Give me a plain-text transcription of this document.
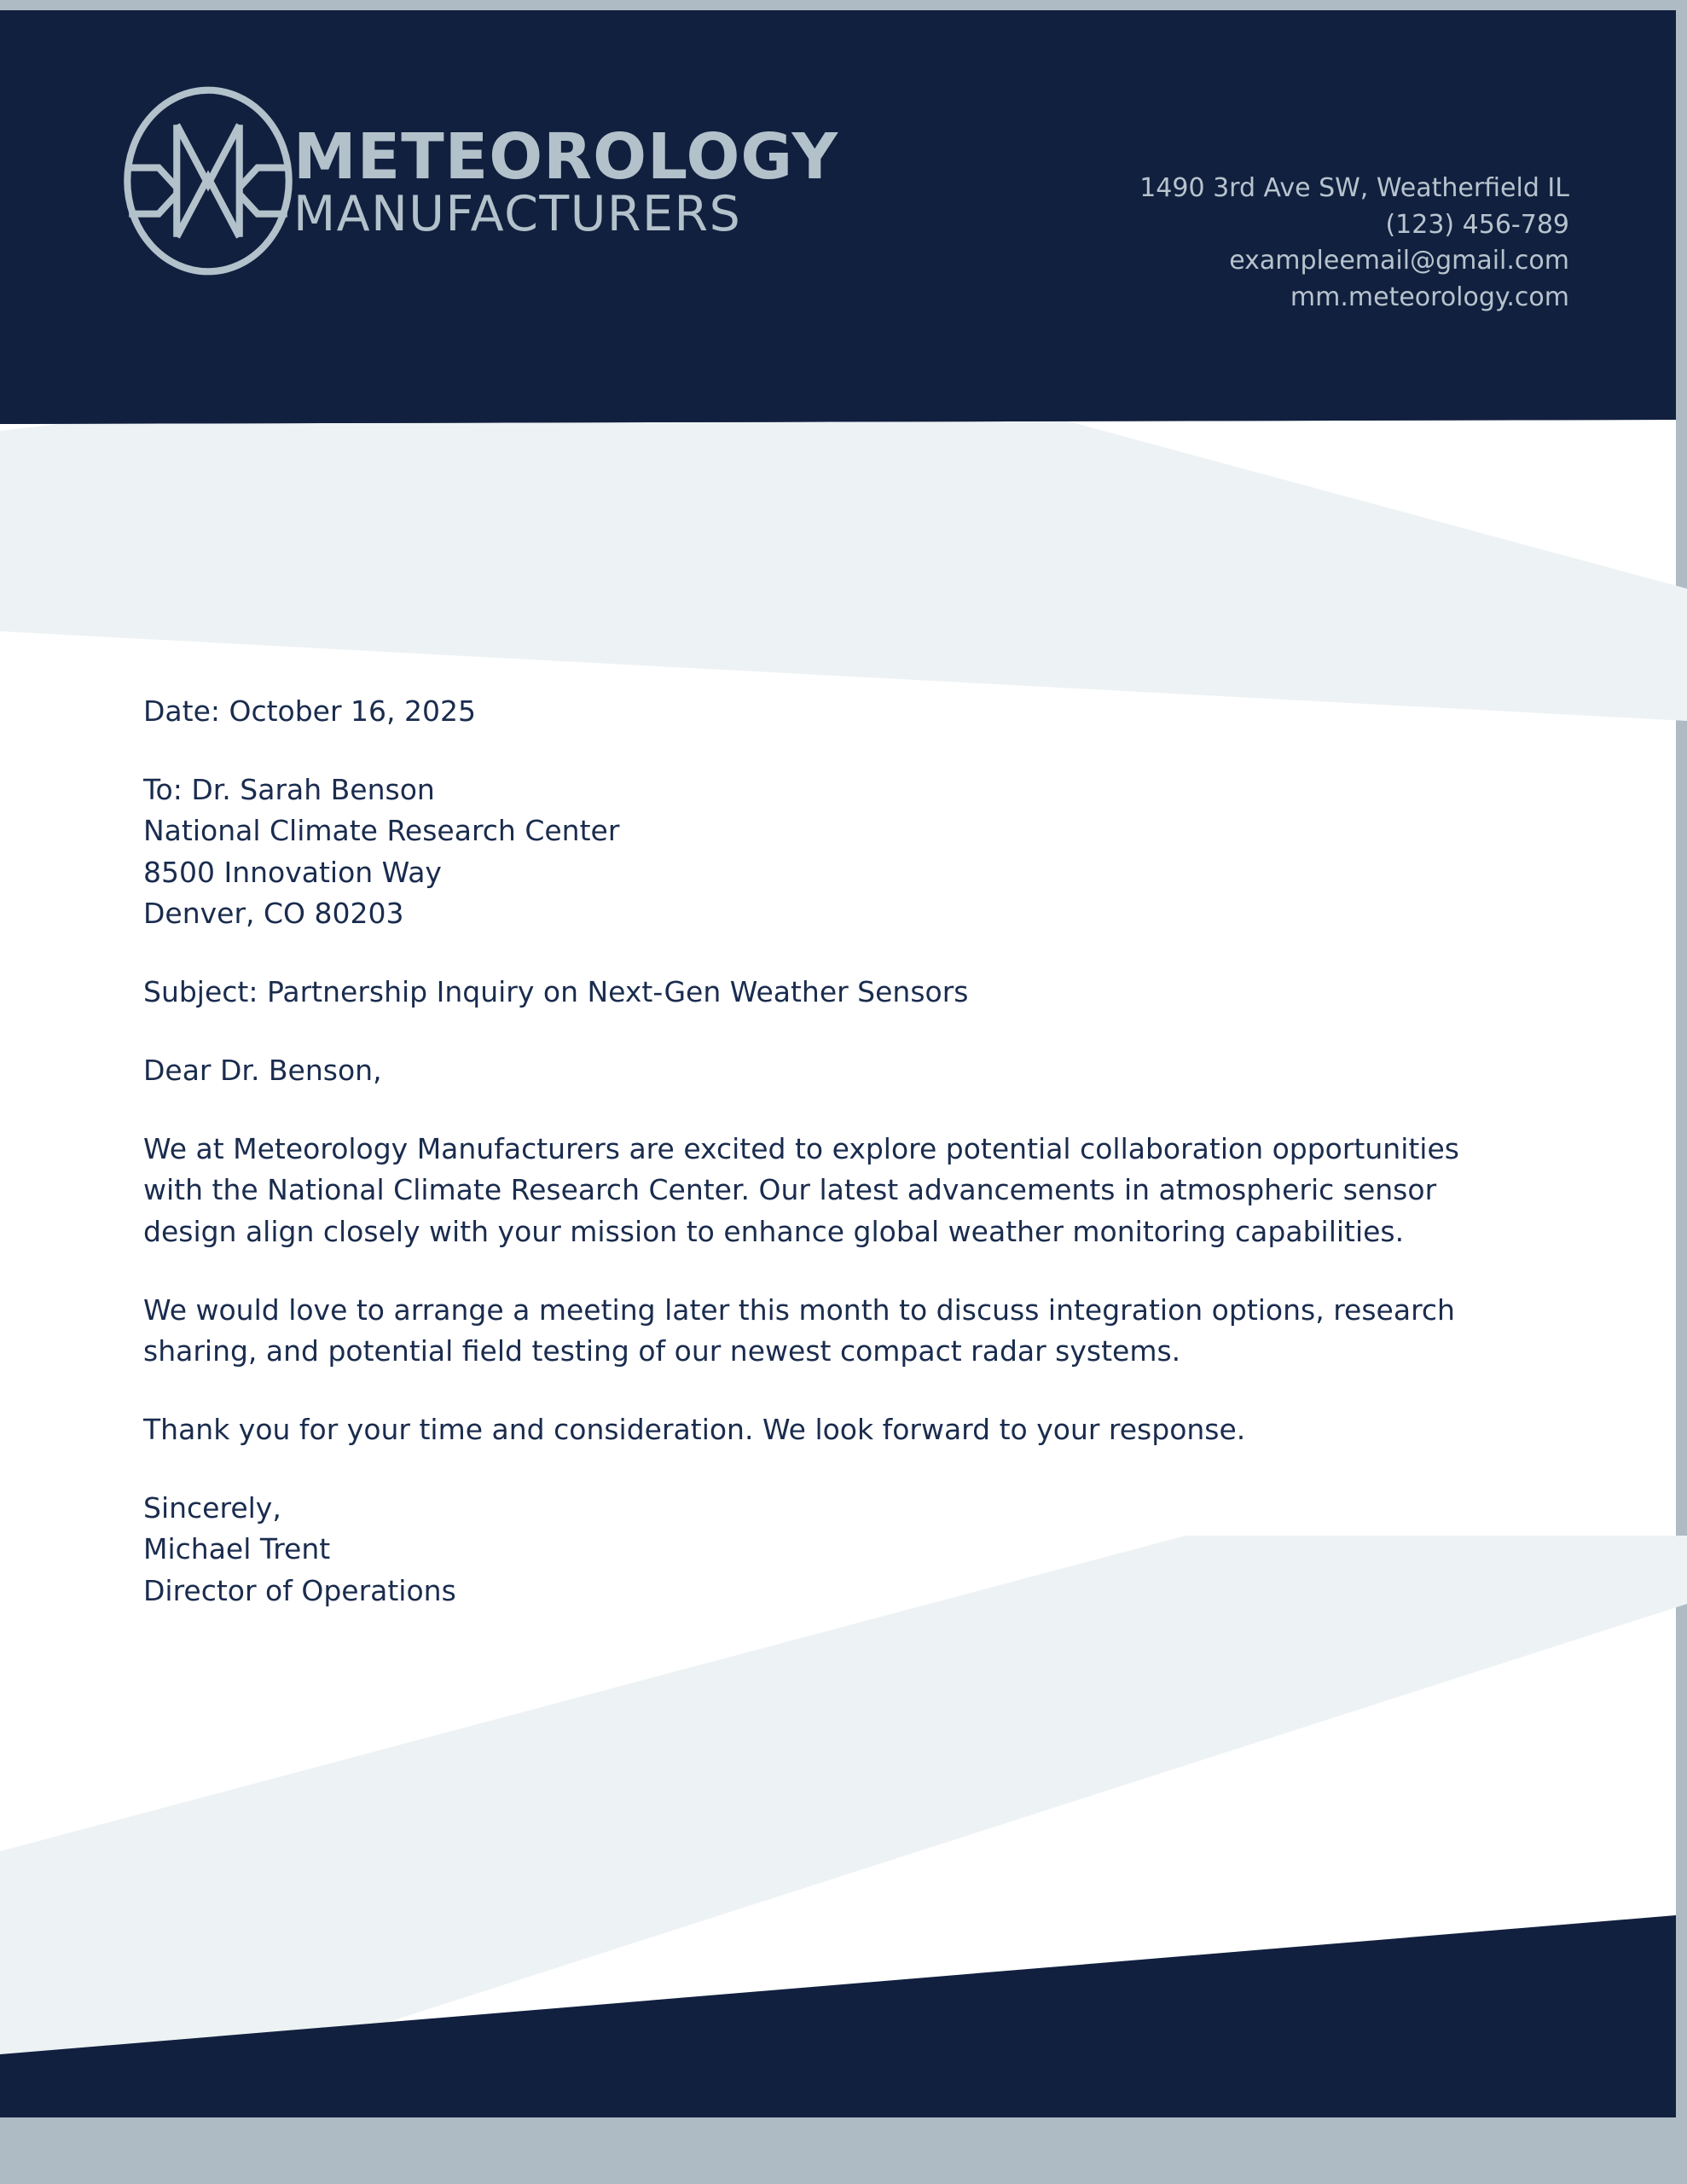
METEOROLOGY
MANUFACTURERS	1490 3rd Ave SW, Weatherfield IL
(123) 456-789
exampleemail@gmail.com
mm.meteorology.com
Date: October 16, 2025
To: Dr. Sarah Benson
National Climate Research Center
8500 Innovation Way
Denver, CO 80203
Subject: Partnership Inquiry on Next-Gen Weather Sensors
Dear Dr. Benson,
We at Meteorology Manufacturers are excited to explore potential collaboration opportunities with the National Climate Research Center. Our latest advancements in atmospheric sensor design align closely with your mission to enhance global weather monitoring capabilities.
We would love to arrange a meeting later this month to discuss integration options, research sharing, and potential field testing of our newest compact radar systems.
Thank you for your time and consideration. We look forward to your response.
Sincerely,
Michael Trent
Director of Operations
